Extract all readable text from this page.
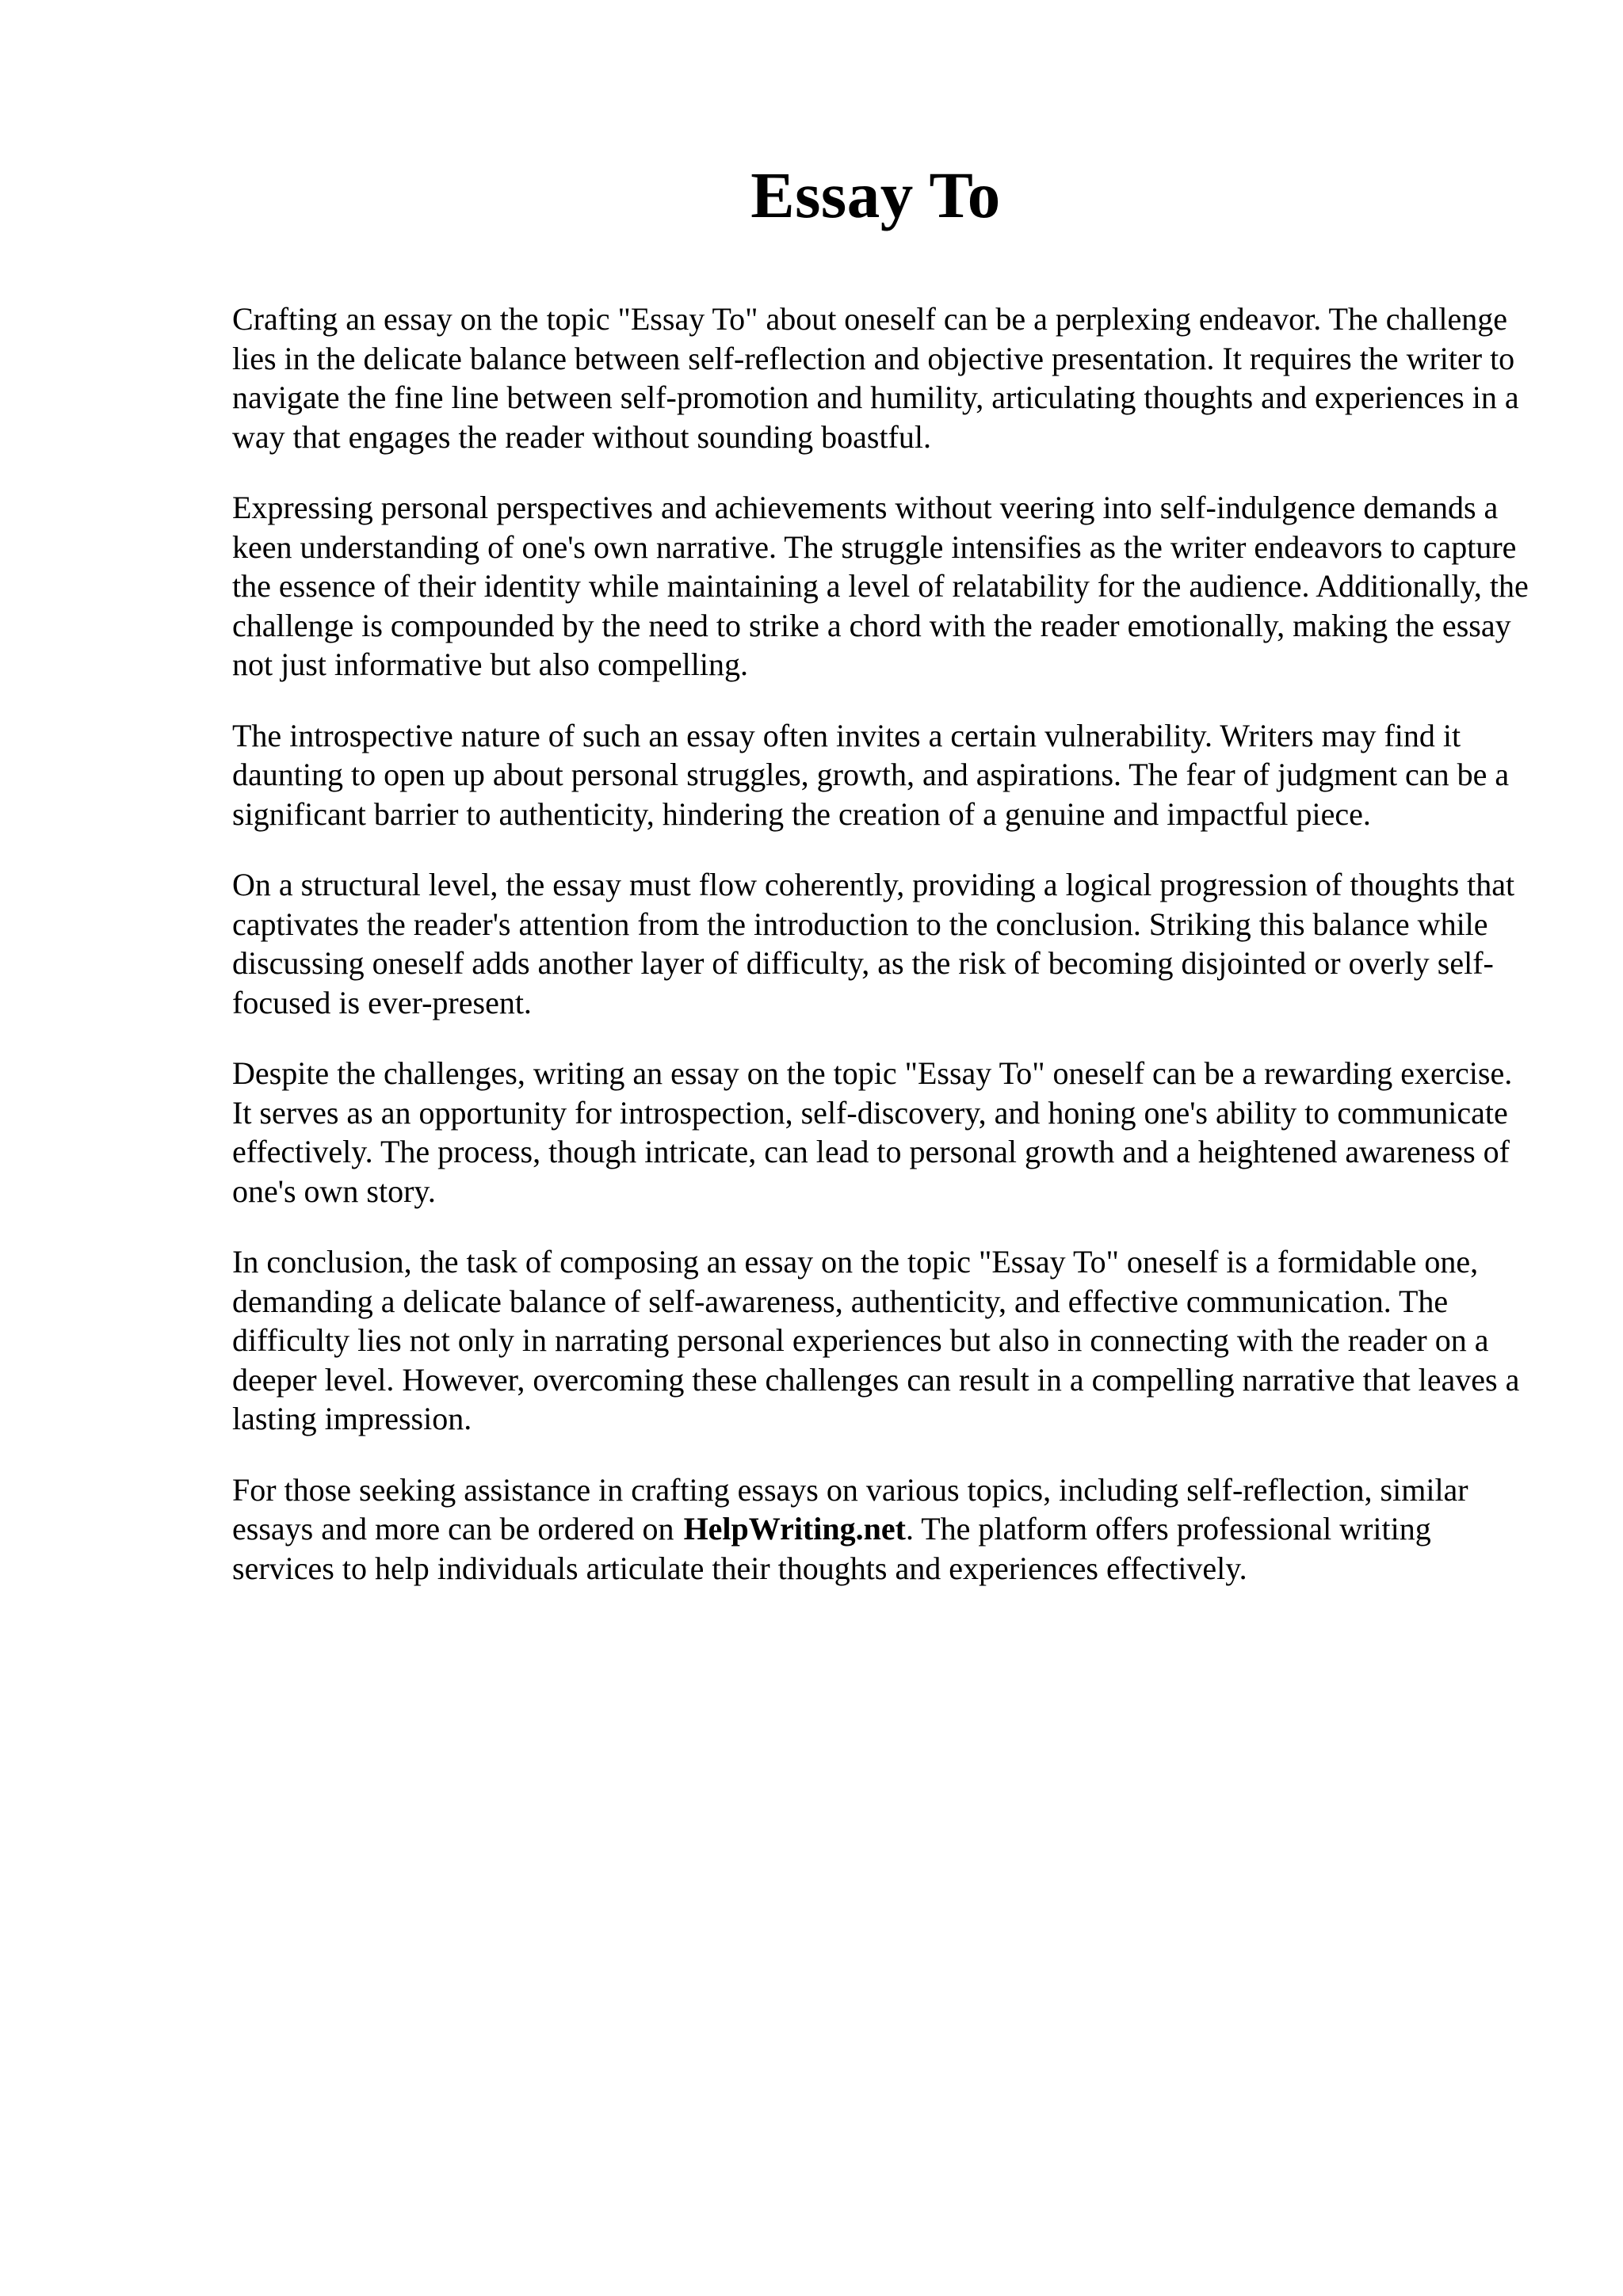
Essay To

Crafting an essay on the topic "Essay To" about oneself can be a perplexing endeavor. The challenge lies in the delicate balance between self-reflection and objective presentation. It requires the writer to navigate the fine line between self-promotion and humility, articulating thoughts and experiences in a way that engages the reader without sounding boastful.

Expressing personal perspectives and achievements without veering into self-indulgence demands a keen understanding of one's own narrative. The struggle intensifies as the writer endeavors to capture the essence of their identity while maintaining a level of relatability for the audience. Additionally, the challenge is compounded by the need to strike a chord with the reader emotionally, making the essay not just informative but also compelling.

The introspective nature of such an essay often invites a certain vulnerability. Writers may find it daunting to open up about personal struggles, growth, and aspirations. The fear of judgment can be a significant barrier to authenticity, hindering the creation of a genuine and impactful piece.

On a structural level, the essay must flow coherently, providing a logical progression of thoughts that captivates the reader's attention from the introduction to the conclusion. Striking this balance while discussing oneself adds another layer of difficulty, as the risk of becoming disjointed or overly self-focused is ever-present.

Despite the challenges, writing an essay on the topic "Essay To" oneself can be a rewarding exercise. It serves as an opportunity for introspection, self-discovery, and honing one's ability to communicate effectively. The process, though intricate, can lead to personal growth and a heightened awareness of one's own story.

In conclusion, the task of composing an essay on the topic "Essay To" oneself is a formidable one, demanding a delicate balance of self-awareness, authenticity, and effective communication. The difficulty lies not only in narrating personal experiences but also in connecting with the reader on a deeper level. However, overcoming these challenges can result in a compelling narrative that leaves a lasting impression.

For those seeking assistance in crafting essays on various topics, including self-reflection, similar essays and more can be ordered on HelpWriting.net. The platform offers professional writing services to help individuals articulate their thoughts and experiences effectively.
